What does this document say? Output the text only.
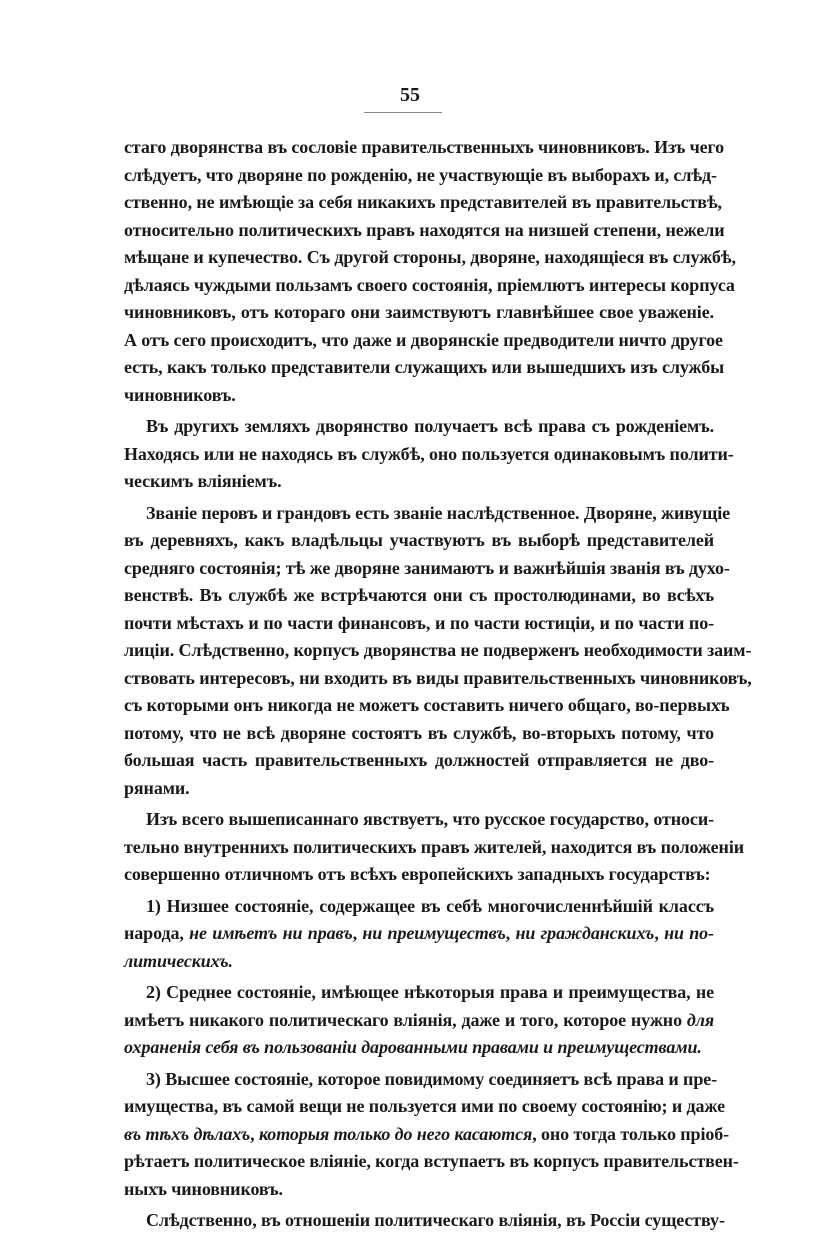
55
стаго дворянства въ сословіе правительственныхъ чиновниковъ. Изъ чего
слѣдуетъ, что дворяне по рожденію, не участвующіе въ выборахъ и, слѣд-
ственно, не имѣющіе за себя никакихъ представителей въ правительствѣ,
относительно политическихъ правъ находятся на низшей степени, нежели
мѣщане и купечество. Съ другой стороны, дворяне, находящіеся въ службѣ,
дѣлаясь чуждыми пользамъ своего состоянія, пріемлютъ интересы корпуса
чиновниковъ, отъ котораго они заимствуютъ главнѣйшее свое уваженіе.
А отъ сего происходитъ, что даже и дворянскіе предводители ничто другое
есть, какъ только представители служащихъ или вышедшихъ изъ службы
чиновниковъ.
Въ другихъ земляхъ дворянство получаетъ всѣ права съ рожденіемъ.
Находясь или не находясь въ службѣ, оно пользуется одинаковымъ полити-
ческимъ вліяніемъ.
Званіе перовъ и грандовъ есть званіе наслѣдственное. Дворяне, живущіе
въ деревняхъ, какъ владѣльцы участвуютъ въ выборѣ представителей
средняго состоянія; тѣ же дворяне занимаютъ и важнѣйшія званія въ духо-
венствѣ. Въ службѣ же встрѣчаются они съ простолюдинами, во всѣхъ
почти мѣстахъ и по части финансовъ, и по части юстиціи, и по части по-
лиціи. Слѣдственно, корпусъ дворянства не подверженъ необходимости заим-
ствовать интересовъ, ни входить въ виды правительственныхъ чиновниковъ,
съ которыми онъ никогда не можетъ составить ничего общаго, во-первыхъ
потому, что не всѣ дворяне состоятъ въ службѣ, во-вторыхъ потому, что
большая часть правительственныхъ должностей отправляется не дво-
рянами.
Изъ всего вышеписаннаго явствуетъ, что русское государство, относи-
тельно внутреннихъ политическихъ правъ жителей, находится въ положеніи
совершенно отличномъ отъ всѣхъ европейскихъ западныхъ государствъ:
1) Низшее состояніе, содержащее въ себѣ многочисленнѣйшій классъ
народа, не имѣетъ ни правъ, ни преимуществъ, ни гражданскихъ, ни по-
литическихъ.
2) Среднее состояніе, имѣющее нѣкоторыя права и преимущества, не
имѣетъ никакого политическаго вліянія, даже и того, которое нужно для
охраненія себя въ пользованіи дарованными правами и преимуществами.
3) Высшее состояніе, которое повидимому соединяетъ всѣ права и пре-
имущества, въ самой вещи не пользуется ими по своему состоянію; и даже
въ тѣхъ дѣлахъ, которыя только до него касаются, оно тогда только пріоб-
рѣтаетъ политическое вліяніе, когда вступаетъ въ корпусъ правительствен-
ныхъ чиновниковъ.
Слѣдственно, въ отношеніи политическаго вліянія, въ Россіи существу-
